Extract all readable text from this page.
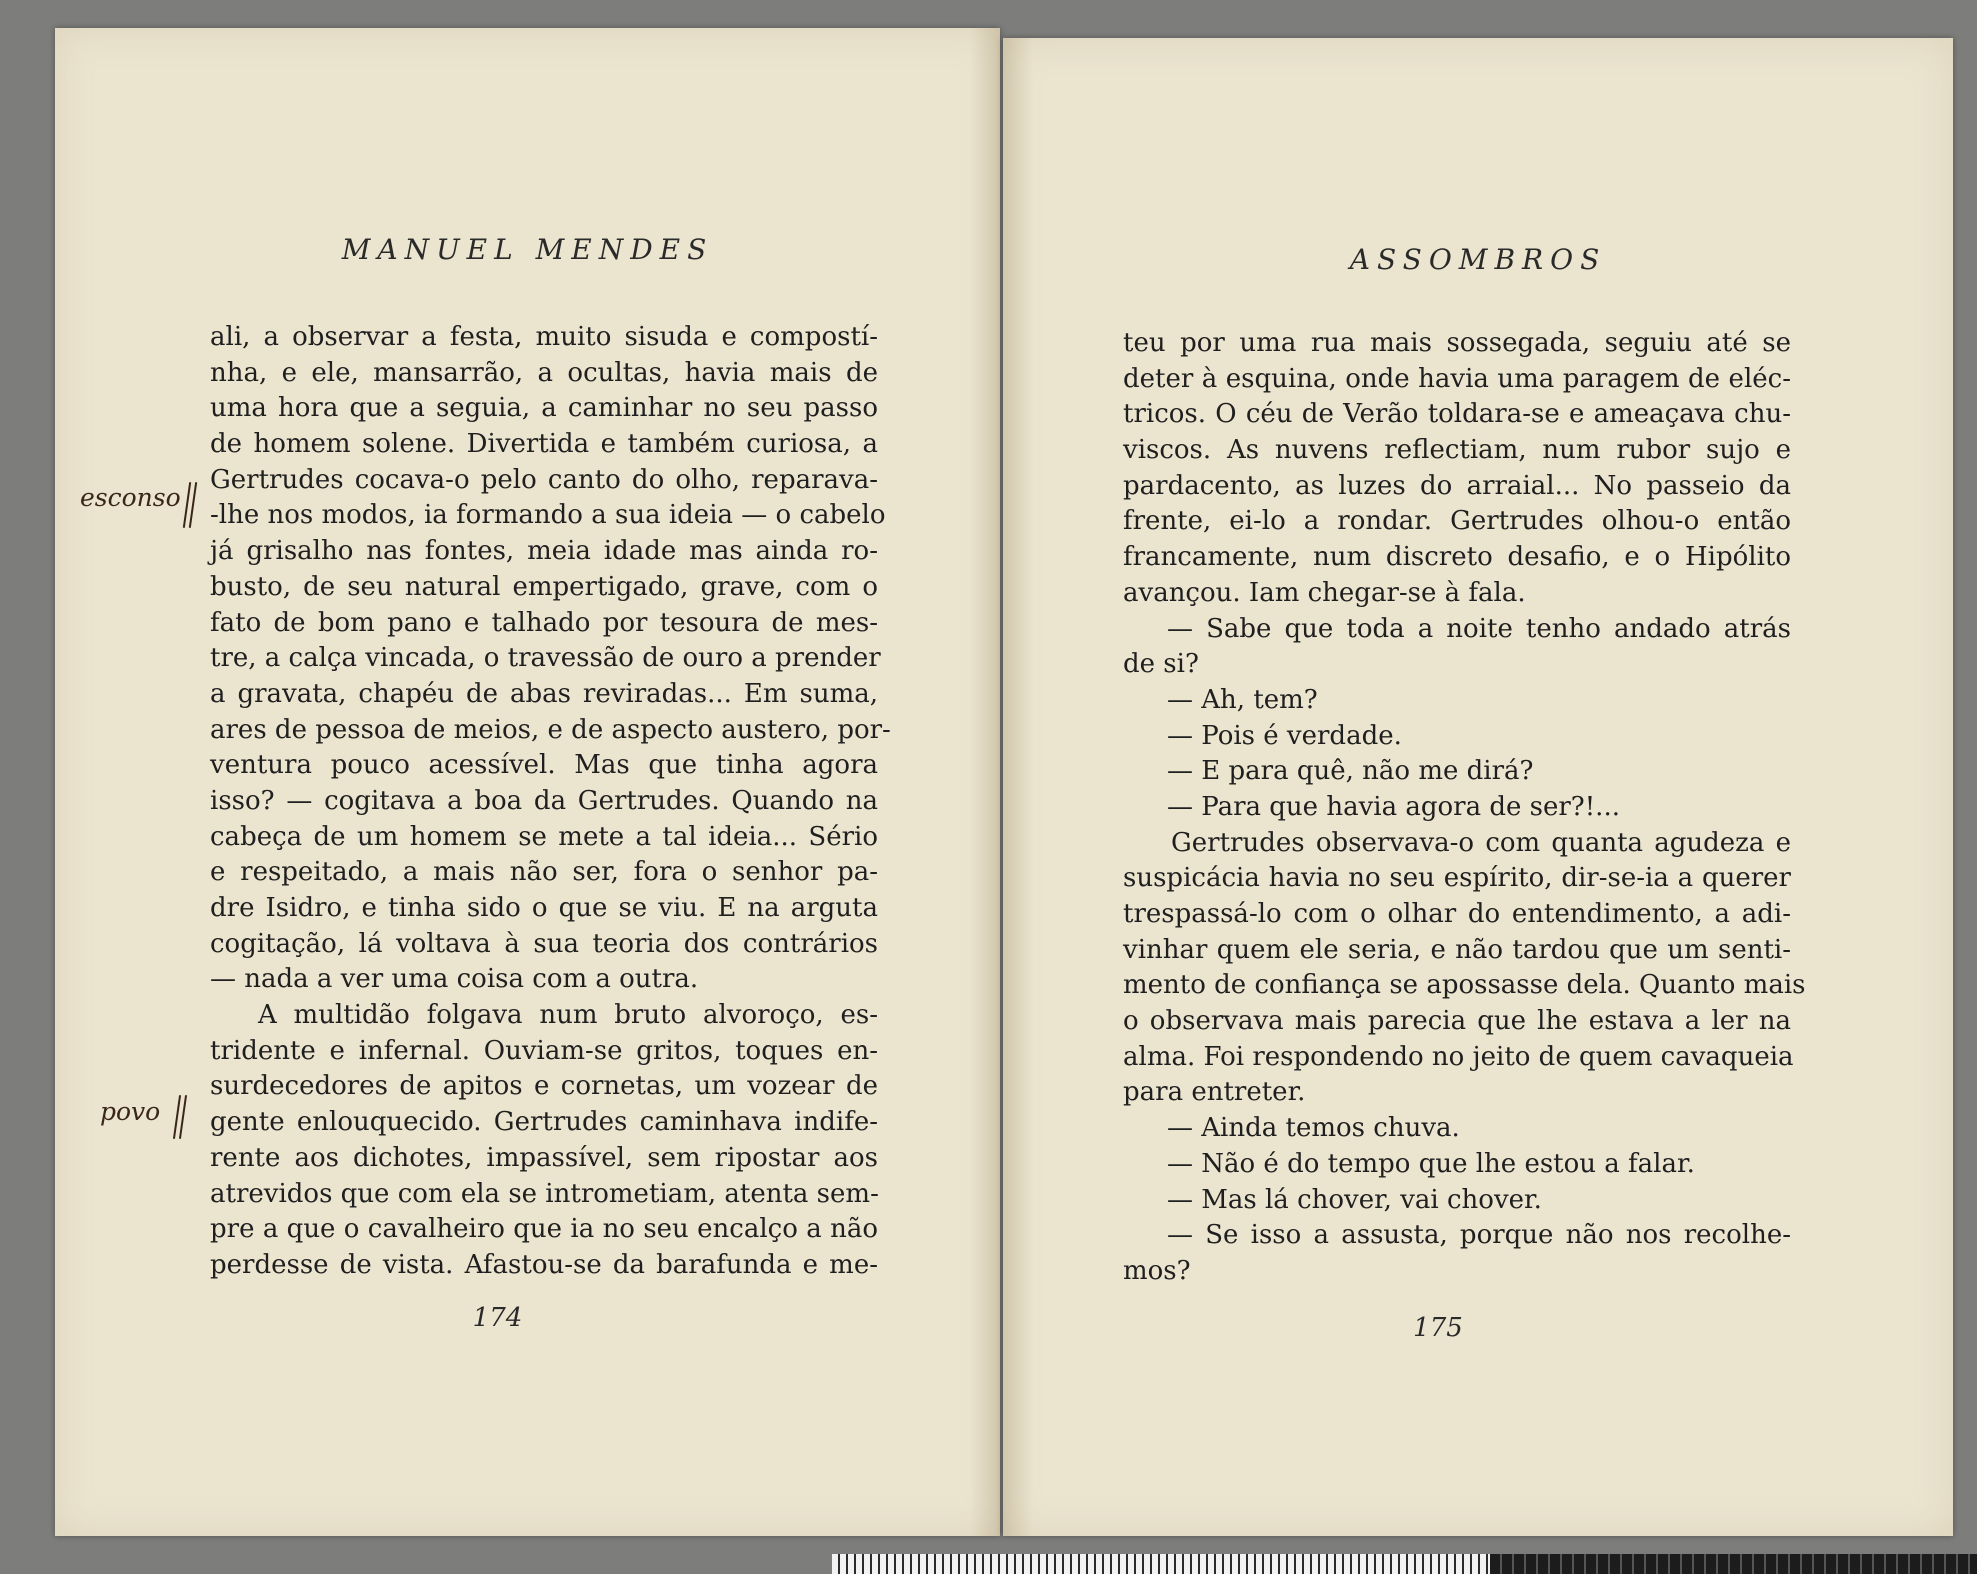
MANUEL MENDES
ali, a observar a festa, muito sisuda e compostí-
nha, e ele, mansarrão, a ocultas, havia mais de
uma hora que a seguia, a caminhar no seu passo
de homem solene. Divertida e também curiosa, a
Gertrudes cocava-o pelo canto do olho, reparava-
-lhe nos modos, ia formando a sua ideia — o cabelo
já grisalho nas fontes, meia idade mas ainda ro-
busto, de seu natural empertigado, grave, com o
fato de bom pano e talhado por tesoura de mes-
tre, a calça vincada, o travessão de ouro a prender
a gravata, chapéu de abas reviradas... Em suma,
ares de pessoa de meios, e de aspecto austero, por-
ventura pouco acessível. Mas que tinha agora
isso? — cogitava a boa da Gertrudes. Quando na
cabeça de um homem se mete a tal ideia... Sério
e respeitado, a mais não ser, fora o senhor pa-
dre Isidro, e tinha sido o que se viu. E na arguta
cogitação, lá voltava à sua teoria dos contrários
— nada a ver uma coisa com a outra.
A multidão folgava num bruto alvoroço, es-
tridente e infernal. Ouviam-se gritos, toques en-
surdecedores de apitos e cornetas, um vozear de
gente enlouquecido. Gertrudes caminhava indife-
rente aos dichotes, impassível, sem ripostar aos
atrevidos que com ela se intrometiam, atenta sem-
pre a que o cavalheiro que ia no seu encalço a não
perdesse de vista. Afastou-se da barafunda e me-
174
esconso
povo
ASSOMBROS
teu por uma rua mais sossegada, seguiu até se
deter à esquina, onde havia uma paragem de eléc-
tricos. O céu de Verão toldara-se e ameaçava chu-
viscos. As nuvens reflectiam, num rubor sujo e
pardacento, as luzes do arraial... No passeio da
frente, ei-lo a rondar. Gertrudes olhou-o então
francamente, num discreto desafio, e o Hipólito
avançou. Iam chegar-se à fala.
— Sabe que toda a noite tenho andado atrás
de si?
— Ah, tem?
— Pois é verdade.
— E para quê, não me dirá?
— Para que havia agora de ser?!...
Gertrudes observava-o com quanta agudeza e
suspicácia havia no seu espírito, dir-se-ia a querer
trespassá-lo com o olhar do entendimento, a adi-
vinhar quem ele seria, e não tardou que um senti-
mento de confiança se apossasse dela. Quanto mais
o observava mais parecia que lhe estava a ler na
alma. Foi respondendo no jeito de quem cavaqueia
para entreter.
— Ainda temos chuva.
— Não é do tempo que lhe estou a falar.
— Mas lá chover, vai chover.
— Se isso a assusta, porque não nos recolhe-
mos?
175
